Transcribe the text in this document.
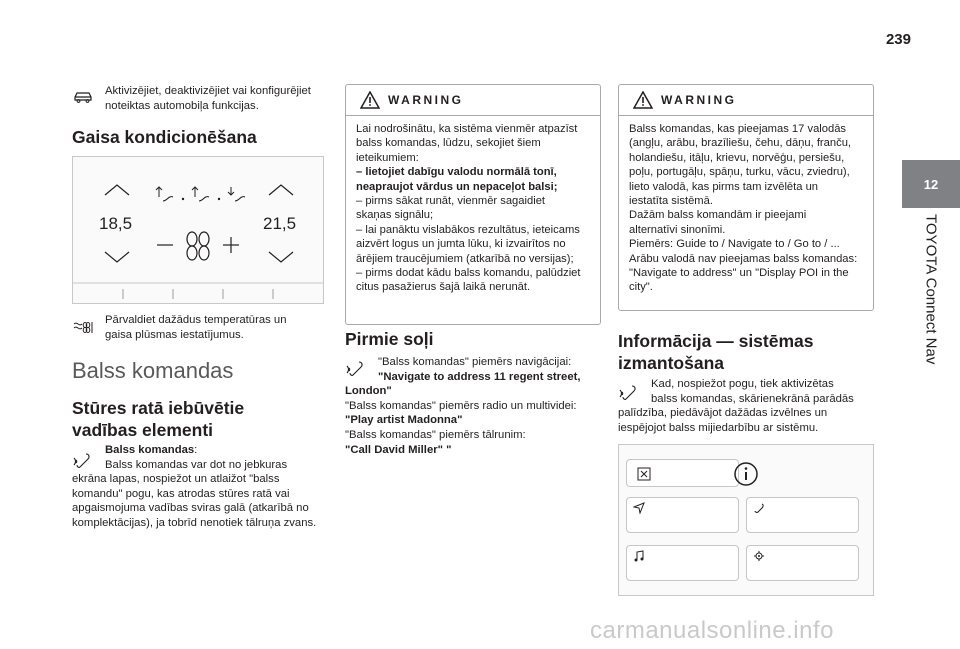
239
12
TOYOTA Connect Nav
Aktivizējiet, deaktivizējiet vai konfigurējiet
noteiktas automobiļa funkcijas.
Gaisa kondicionēšana
18,5	21,5
Pārvaldiet dažādus temperatūras un
gaisa plūsmas iestatījumus.
Balss komandas
Stūres ratā iebūvētie
vadības elementi
Balss komandas:
Balss komandas var dot no jebkuras
ekrāna lapas, nospiežot un atlaižot "balss
komandu" pogu, kas atrodas stūres ratā vai
apgaismojuma vadības sviras galā (atkarībā no
komplektācijas), ja tobrīd nenotiek tālruņa zvans.
WARNING
Lai nodrošinātu, ka sistēma vienmēr atpazīst
balss komandas, lūdzu, sekojiet šiem
ieteikumiem:
– lietojiet dabīgu valodu normālā tonī,
neapraujot vārdus un nepaceļot balsi;
– pirms sākat runāt, vienmēr sagaidiet
skaņas signālu;
– lai panāktu vislabākos rezultātus, ieteicams
aizvērt logus un jumta lūku, ki izvairītos no
ārējiem traucējumiem (atkarībā no versijas);
– pirms dodat kādu balss komandu, palūdziet
citus pasažierus šajā laikā nerunāt.
Pirmie soļi
"Balss komandas" piemērs navigācijai:
"Navigate to address 11 regent street,
London"
"Balss komandas" piemērs radio un multividei:
"Play artist Madonna"
"Balss komandas" piemērs tālrunim:
"Call David Miller" "
WARNING
Balss komandas, kas pieejamas 17 valodās
(angļu, arābu, brazīliešu, čehu, dāņu, franču,
holandiešu, itāļu, krievu, norvēģu, persiešu,
poļu, portugāļu, spāņu, turku, vācu, zviedru),
lieto valodā, kas pirms tam izvēlēta un
iestatīta sistēmā.
Dažām balss komandām ir pieejami
alternatīvi sinonīmi.
Piemērs: Guide to / Navigate to / Go to / ...
Arābu valodā nav pieejamas balss komandas:
"Navigate to address" un "Display POI in the
city".
Informācija — sistēmas
izmantošana
Kad, nospiežot pogu, tiek aktivizētas
balss komandas, skārienekrānā parādās
palīdzība, piedāvājot dažādas izvēlnes un
iespējojot balss mijiedarbību ar sistēmu.
carmanualsonline.info
